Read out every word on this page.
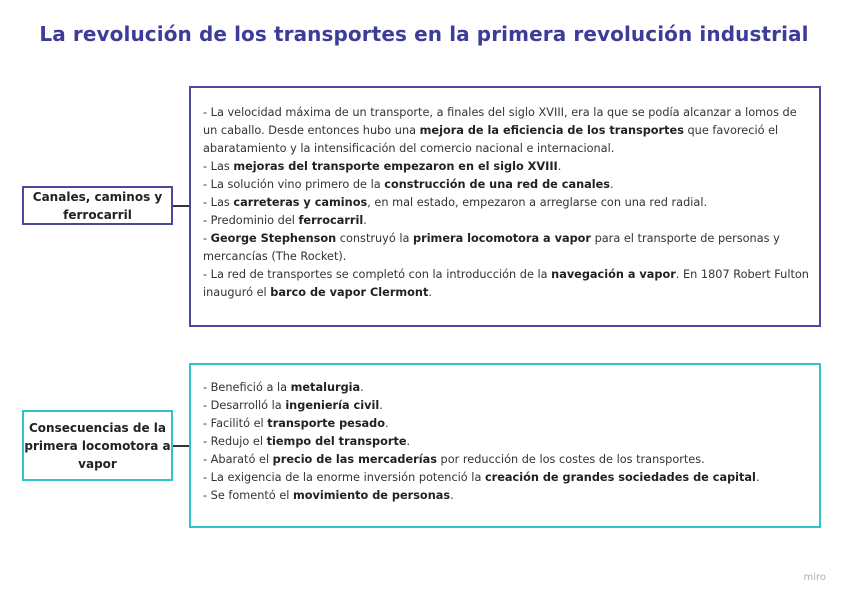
La revolución de los transportes en la primera revolución industrial
Canales, caminos y ferrocarril

- La velocidad máxima de un transporte, a finales del siglo XVIII, era la que se podía alcanzar a lomos de un caballo. Desde entonces hubo una mejora de la eficiencia de los transportes que favoreció el abaratamiento y la intensificación del comercio nacional e internacional.

- Las mejoras del transporte empezaron en el siglo XVIII.

- La solución vino primero de la construcción de una red de canales.

- Las carreteras y caminos, en mal estado, empezaron a arreglarse con una red radial.

- Predominio del ferrocarril.

- George Stephenson construyó la primera locomotora a vapor para el transporte de personas y mercancías (The Rocket).

- La red de transportes se completó con la introducción de la navegación a vapor. En 1807 Robert Fulton inauguró el barco de vapor Clermont.

Consecuencias de la primera locomotora a vapor

- Benefició a la metalurgia.

- Desarrolló la ingeniería civil.

- Facilitó el transporte pesado.

- Redujo el tiempo del transporte.

- Abarató el precio de las mercaderías por reducción de los costes de los transportes.

- La exigencia de la enorme inversión potenció la creación de grandes sociedades de capital.

- Se fomentó el movimiento de personas.

miro
